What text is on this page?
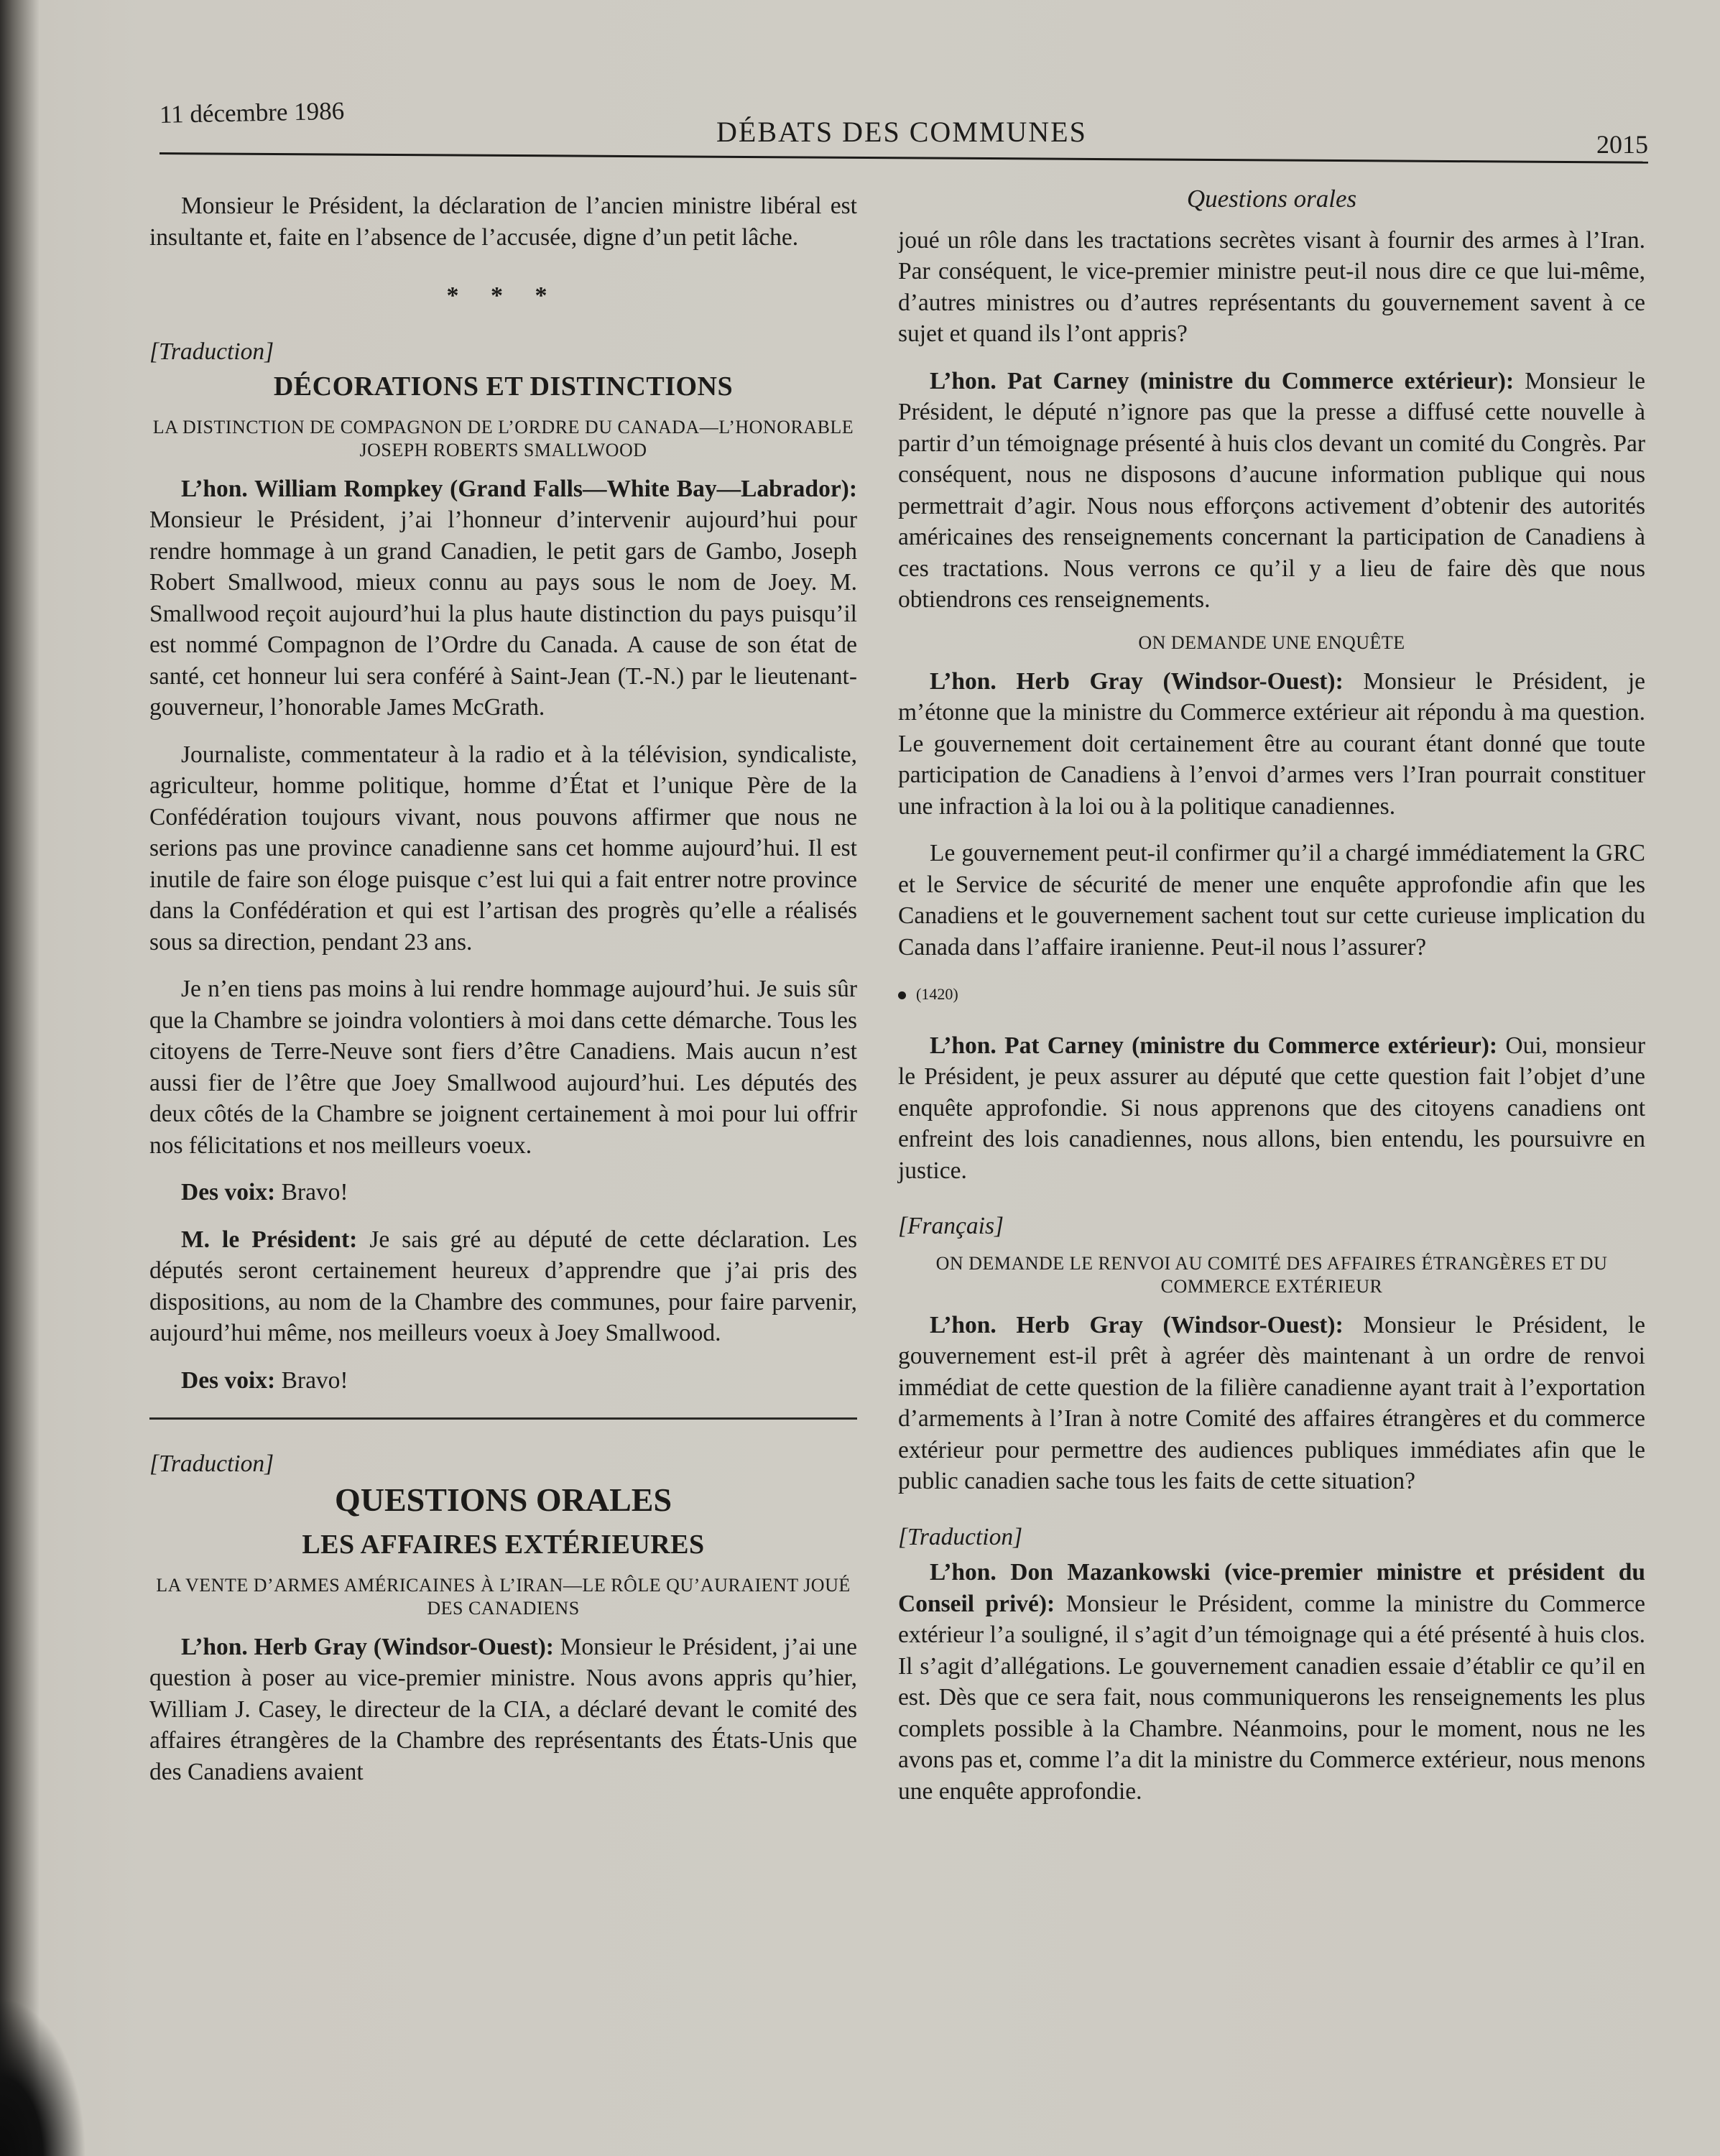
11 décembre 1986
DÉBATS DES COMMUNES	2015

Monsieur le Président, la déclaration de l’ancien ministre libéral est insultante et, faite en l’absence de l’accusée, digne d’un petit lâche.

* * *

[Traduction]

DÉCORATIONS ET DISTINCTIONS

LA DISTINCTION DE COMPAGNON DE L’ORDRE DU CANADA—L’HONORABLE JOSEPH ROBERTS SMALLWOOD

L’hon. William Rompkey (Grand Falls—White Bay—Labrador): Monsieur le Président, j’ai l’honneur d’intervenir aujourd’hui pour rendre hommage à un grand Canadien, le petit gars de Gambo, Joseph Robert Smallwood, mieux connu au pays sous le nom de Joey. M. Smallwood reçoit aujourd’hui la plus haute distinction du pays puisqu’il est nommé Compagnon de l’Ordre du Canada. A cause de son état de santé, cet honneur lui sera conféré à Saint-Jean (T.-N.) par le lieutenant-gouverneur, l’honorable James McGrath.

Journaliste, commentateur à la radio et à la télévision, syndicaliste, agriculteur, homme politique, homme d’État et l’unique Père de la Confédération toujours vivant, nous pouvons affirmer que nous ne serions pas une province canadienne sans cet homme aujourd’hui. Il est inutile de faire son éloge puisque c’est lui qui a fait entrer notre province dans la Confédération et qui est l’artisan des progrès qu’elle a réalisés sous sa direction, pendant 23 ans.

Je n’en tiens pas moins à lui rendre hommage aujourd’hui. Je suis sûr que la Chambre se joindra volontiers à moi dans cette démarche. Tous les citoyens de Terre-Neuve sont fiers d’être Canadiens. Mais aucun n’est aussi fier de l’être que Joey Smallwood aujourd’hui. Les députés des deux côtés de la Chambre se joignent certainement à moi pour lui offrir nos félicitations et nos meilleurs voeux.

Des voix: Bravo!

M. le Président: Je sais gré au député de cette déclaration. Les députés seront certainement heureux d’apprendre que j’ai pris des dispositions, au nom de la Chambre des communes, pour faire parvenir, aujourd’hui même, nos meilleurs voeux à Joey Smallwood.

Des voix: Bravo!

[Traduction]

QUESTIONS ORALES

LES AFFAIRES EXTÉRIEURES

LA VENTE D’ARMES AMÉRICAINES À L’IRAN—LE RÔLE QU’AURAIENT JOUÉ DES CANADIENS

L’hon. Herb Gray (Windsor-Ouest): Monsieur le Président, j’ai une question à poser au vice-premier ministre. Nous avons appris qu’hier, William J. Casey, le directeur de la CIA, a déclaré devant le comité des affaires étrangères de la Chambre des représentants des États-Unis que des Canadiens avaient

Questions orales

joué un rôle dans les tractations secrètes visant à fournir des armes à l’Iran. Par conséquent, le vice-premier ministre peut-il nous dire ce que lui-même, d’autres ministres ou d’autres représentants du gouvernement savent à ce sujet et quand ils l’ont appris?

L’hon. Pat Carney (ministre du Commerce extérieur): Monsieur le Président, le député n’ignore pas que la presse a diffusé cette nouvelle à partir d’un témoignage présenté à huis clos devant un comité du Congrès. Par conséquent, nous ne disposons d’aucune information publique qui nous permettrait d’agir. Nous nous efforçons activement d’obtenir des autorités américaines des renseignements concernant la participation de Canadiens à ces tractations. Nous verrons ce qu’il y a lieu de faire dès que nous obtiendrons ces renseignements.

ON DEMANDE UNE ENQUÊTE

L’hon. Herb Gray (Windsor-Ouest): Monsieur le Président, je m’étonne que la ministre du Commerce extérieur ait répondu à ma question. Le gouvernement doit certainement être au courant étant donné que toute participation de Canadiens à l’envoi d’armes vers l’Iran pourrait constituer une infraction à la loi ou à la politique canadiennes.

Le gouvernement peut-il confirmer qu’il a chargé immédiatement la GRC et le Service de sécurité de mener une enquête approfondie afin que les Canadiens et le gouvernement sachent tout sur cette curieuse implication du Canada dans l’affaire iranienne. Peut-il nous l’assurer?

(1420)

L’hon. Pat Carney (ministre du Commerce extérieur): Oui, monsieur le Président, je peux assurer au député que cette question fait l’objet d’une enquête approfondie. Si nous apprenons que des citoyens canadiens ont enfreint des lois canadiennes, nous allons, bien entendu, les poursuivre en justice.

[Français]

ON DEMANDE LE RENVOI AU COMITÉ DES AFFAIRES ÉTRANGÈRES ET DU COMMERCE EXTÉRIEUR

L’hon. Herb Gray (Windsor-Ouest): Monsieur le Président, le gouvernement est-il prêt à agréer dès maintenant à un ordre de renvoi immédiat de cette question de la filière canadienne ayant trait à l’exportation d’armements à l’Iran à notre Comité des affaires étrangères et du commerce extérieur pour permettre des audiences publiques immédiates afin que le public canadien sache tous les faits de cette situation?

[Traduction]

L’hon. Don Mazankowski (vice-premier ministre et président du Conseil privé): Monsieur le Président, comme la ministre du Commerce extérieur l’a souligné, il s’agit d’un témoignage qui a été présenté à huis clos. Il s’agit d’allégations. Le gouvernement canadien essaie d’établir ce qu’il en est. Dès que ce sera fait, nous communiquerons les renseignements les plus complets possible à la Chambre. Néanmoins, pour le moment, nous ne les avons pas et, comme l’a dit la ministre du Commerce extérieur, nous menons une enquête approfondie.
